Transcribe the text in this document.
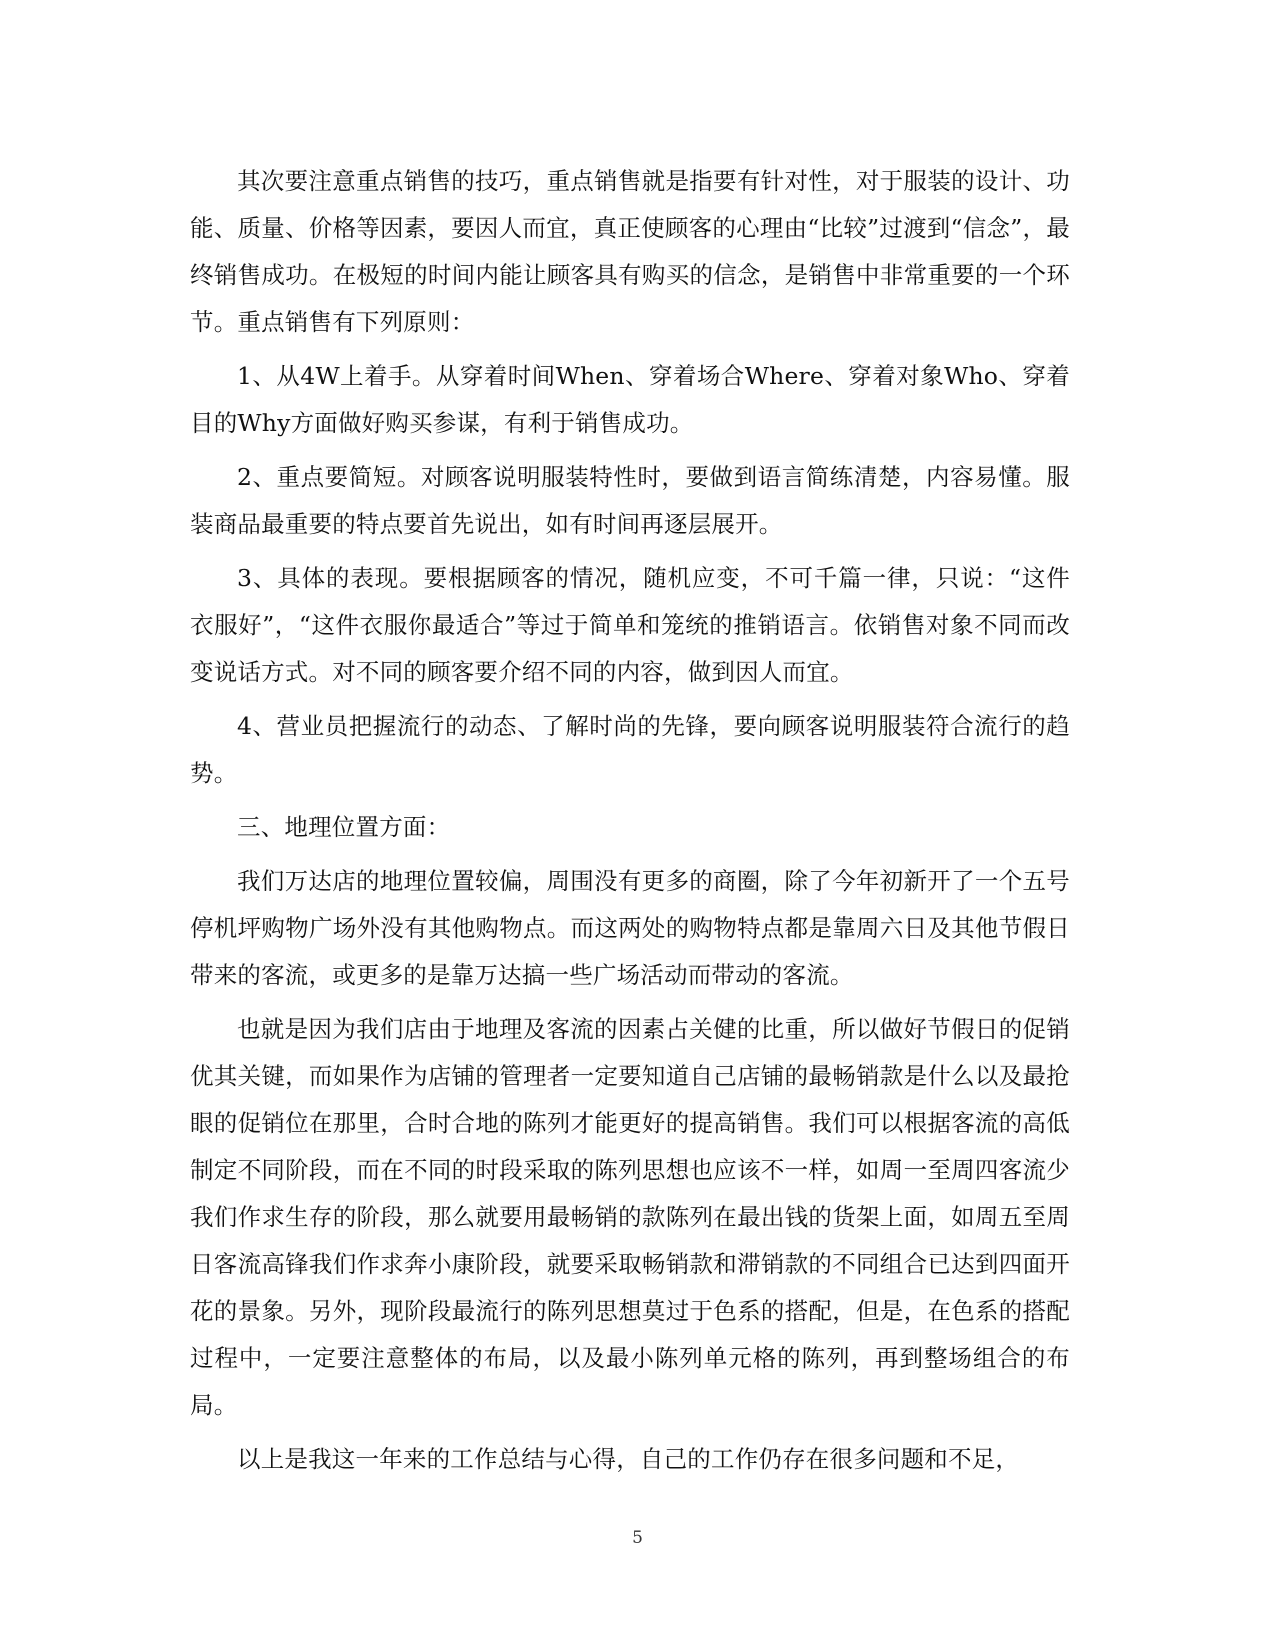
其次要注意重点销售的技巧，重点销售就是指要有针对性，对于服装的设计、功能、质量、价格等因素，要因人而宜，真正使顾客的心理由“比较”过渡到“信念”，最终销售成功。在极短的时间内能让顾客具有购买的信念，是销售中非常重要的一个环节。重点销售有下列原则：

1、从4W上着手。从穿着时间When、穿着场合Where、穿着对象Who、穿着目的Why方面做好购买参谋，有利于销售成功。

2、重点要简短。对顾客说明服装特性时，要做到语言简练清楚，内容易懂。服装商品最重要的特点要首先说出，如有时间再逐层展开。

3、具体的表现。要根据顾客的情况，随机应变，不可千篇一律，只说：“这件衣服好”，“这件衣服你最适合”等过于简单和笼统的推销语言。依销售对象不同而改变说话方式。对不同的顾客要介绍不同的内容，做到因人而宜。

4、营业员把握流行的动态、了解时尚的先锋，要向顾客说明服装符合流行的趋势。

三、地理位置方面：

我们万达店的地理位置较偏，周围没有更多的商圈，除了今年初新开了一个五号停机坪购物广场外没有其他购物点。而这两处的购物特点都是靠周六日及其他节假日带来的客流，或更多的是靠万达搞一些广场活动而带动的客流。

也就是因为我们店由于地理及客流的因素占关健的比重，所以做好节假日的促销优其关键，而如果作为店铺的管理者一定要知道自己店铺的最畅销款是什么以及最抢眼的促销位在那里，合时合地的陈列才能更好的提高销售。我们可以根据客流的高低制定不同阶段，而在不同的时段采取的陈列思想也应该不一样，如周一至周四客流少我们作求生存的阶段，那么就要用最畅销的款陈列在最出钱的货架上面，如周五至周日客流高锋我们作求奔小康阶段，就要采取畅销款和滞销款的不同组合已达到四面开花的景象。另外，现阶段最流行的陈列思想莫过于色系的搭配，但是，在色系的搭配过程中，一定要注意整体的布局，以及最小陈列单元格的陈列，再到整场组合的布局。

以上是我这一年来的工作总结与心得，自己的工作仍存在很多问题和不足，

5
